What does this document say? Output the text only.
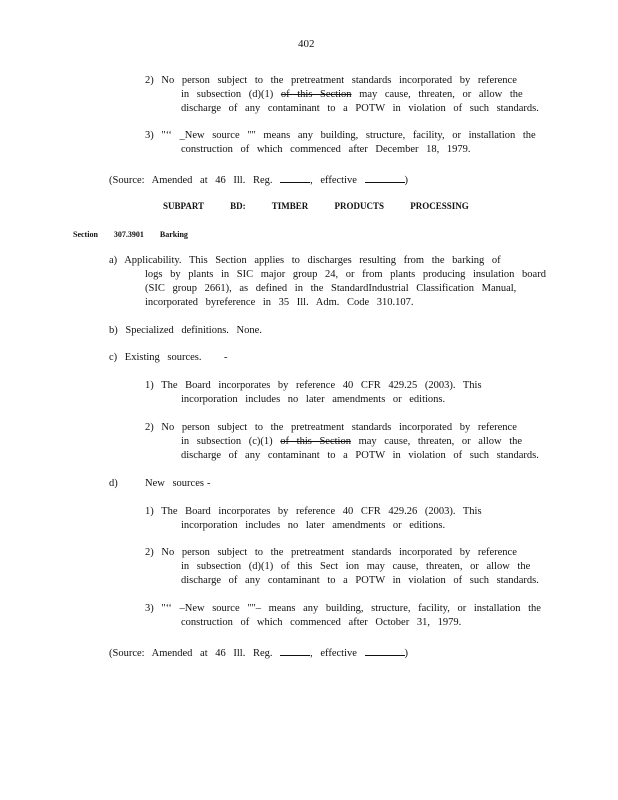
402
2) No person subject to the pretreatment standards incorporated by reference
in subsection (d)(1) of this Section may cause, threaten, or allow the
discharge of any contaminant to a POTW in violation of such standards.
3) "‘‘ _New source "" means any building, structure, facility, or installation the
construction of which commenced after December 18, 1979.
(Source: Amended at 46 Ill. Reg.	, effective	)
SUBPART BD: TIMBER PRODUCTS PROCESSING
Section 307.3901 Barking
a) Applicability. This Section applies to discharges resulting from the barking of
logs by plants in SIC major group 24, or from plants producing insulation board
(SIC group 2661), as defined in the StandardIndustrial Classification Manual,
incorporated byreference in 35 Ill. Adm. Code 310.107.
b) Specialized definitions. None.
c) Existing sources. -
1) The Board incorporates by reference 40 CFR 429.25 (2003). This
incorporation includes no later amendments or editions.
2) No person subject to the pretreatment standards incorporated by reference
in subsection (c)(1) of this Section may cause, threaten, or allow the
discharge of any contaminant to a POTW in violation of such standards.
d)	New sources -
1) The Board incorporates by reference 40 CFR 429.26 (2003). This
incorporation includes no later amendments or editions.
2) No person subject to the pretreatment standards incorporated by reference
in subsection (d)(1) of this Sect ion may cause, threaten, or allow the
discharge of any contaminant to a POTW in violation of such standards.
3) "‘‘ –New source ""– means any building, structure, facility, or installation the
construction of which commenced after October 31, 1979.
(Source: Amended at 46 Ill. Reg.	, effective	)
